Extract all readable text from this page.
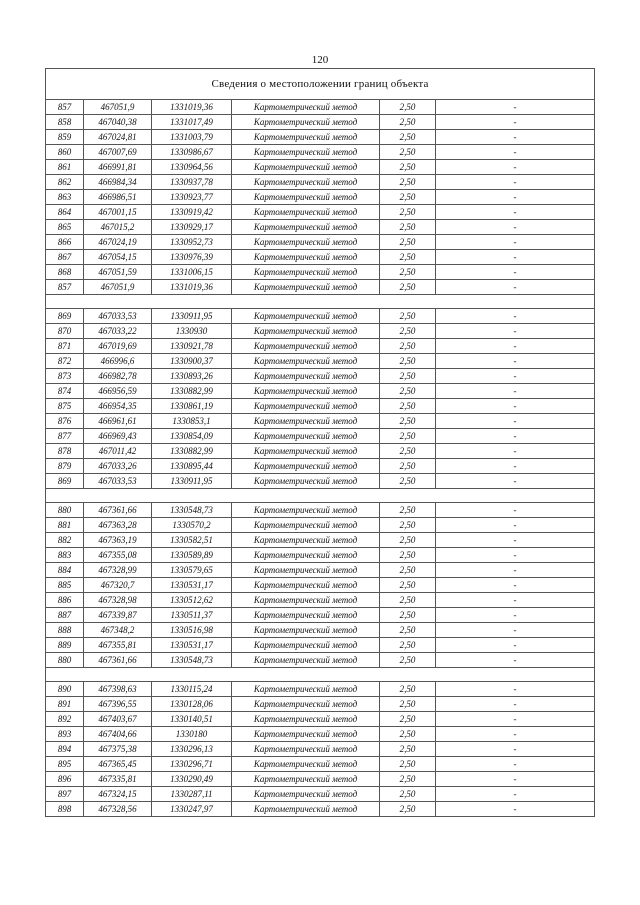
120
Сведения о местоположении границ объекта					
857	467051,9	1331019,36	Картометрический метод	2,50	-
858	467040,38	1331017,49	Картометрический метод	2,50	-
859	467024,81	1331003,79	Картометрический метод	2,50	-
860	467007,69	1330986,67	Картометрический метод	2,50	-
861	466991,81	1330964,56	Картометрический метод	2,50	-
862	466984,34	1330937,78	Картометрический метод	2,50	-
863	466986,51	1330923,77	Картометрический метод	2,50	-
864	467001,15	1330919,42	Картометрический метод	2,50	-
865	467015,2	1330929,17	Картометрический метод	2,50	-
866	467024,19	1330952,73	Картометрический метод	2,50	-
867	467054,15	1330976,39	Картометрический метод	2,50	-
868	467051,59	1331006,15	Картометрический метод	2,50	-
857	467051,9	1331019,36	Картометрический метод	2,50	-

869	467033,53	1330911,95	Картометрический метод	2,50	-
870	467033,22	1330930	Картометрический метод	2,50	-
871	467019,69	1330921,78	Картометрический метод	2,50	-
872	466996,6	1330900,37	Картометрический метод	2,50	-
873	466982,78	1330893,26	Картометрический метод	2,50	-
874	466956,59	1330882,99	Картометрический метод	2,50	-
875	466954,35	1330861,19	Картометрический метод	2,50	-
876	466961,61	1330853,1	Картометрический метод	2,50	-
877	466969,43	1330854,09	Картометрический метод	2,50	-
878	467011,42	1330882,99	Картометрический метод	2,50	-
879	467033,26	1330895,44	Картометрический метод	2,50	-
869	467033,53	1330911,95	Картометрический метод	2,50	-

880	467361,66	1330548,73	Картометрический метод	2,50	-
881	467363,28	1330570,2	Картометрический метод	2,50	-
882	467363,19	1330582,51	Картометрический метод	2,50	-
883	467355,08	1330589,89	Картометрический метод	2,50	-
884	467328,99	1330579,65	Картометрический метод	2,50	-
885	467320,7	1330531,17	Картометрический метод	2,50	-
886	467328,98	1330512,62	Картометрический метод	2,50	-
887	467339,87	1330511,37	Картометрический метод	2,50	-
888	467348,2	1330516,98	Картометрический метод	2,50	-
889	467355,81	1330531,17	Картометрический метод	2,50	-
880	467361,66	1330548,73	Картометрический метод	2,50	-

890	467398,63	1330115,24	Картометрический метод	2,50	-
891	467396,55	1330128,06	Картометрический метод	2,50	-
892	467403,67	1330140,51	Картометрический метод	2,50	-
893	467404,66	1330180	Картометрический метод	2,50	-
894	467375,38	1330296,13	Картометрический метод	2,50	-
895	467365,45	1330296,71	Картометрический метод	2,50	-
896	467335,81	1330290,49	Картометрический метод	2,50	-
897	467324,15	1330287,11	Картометрический метод	2,50	-
898	467328,56	1330247,97	Картометрический метод	2,50	-
